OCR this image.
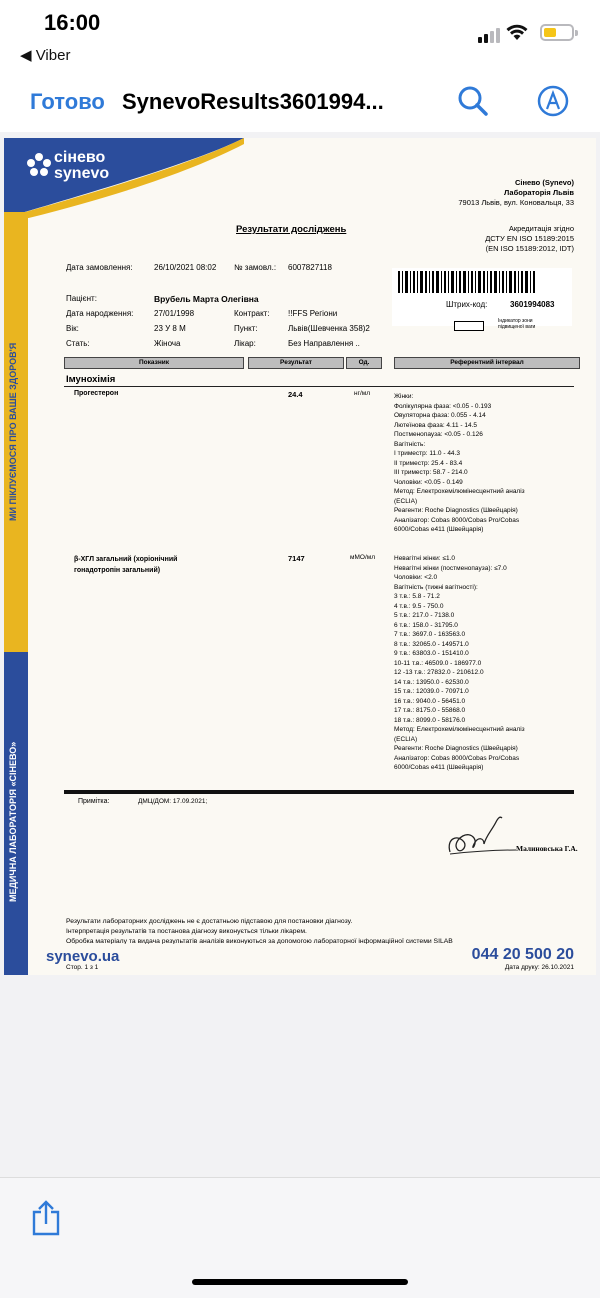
16:00
◀ Viber
Готово SynevoResults3601994...
сінево
synevo
МИ ПІКЛУЄМОСЯ ПРО ВАШЕ ЗДОРОВ'Я
МЕДИЧНА ЛАБОРАТОРІЯ «СІНЕВО»
Сінево (Synevo)
Лабораторія Львів
79013 Львів, вул. Коновальця, 33
Результати досліджень	Акредитація згідно
ДСТУ EN ISO 15189:2015
(EN ISO 15189:2012, IDT)
Дата замовлення:	26/10/2021 08:02 № замовл.: 6007827118
Штрих-код:	3601994083
Індикатор зони
підвищеної ваги
Пацієнт:	Врубель Марта Олегівна
Дата народження:	27/01/1998	Контракт: !!FFS Регіони
Вік:	23 У 8 М	Пункт:	Львів(Шевченка 358)2
Стать:	Жіноча	Лікар:	Без Направлення ..
Показник	Результат	Од.	Референтний інтервал
Імунохімія
Прогестерон	24.4	нг/мл	Жінки:
Фолікулярна фаза: <0.05 - 0.193
Овуляторна фаза: 0.055 - 4.14
Лютеїнова фаза: 4.11 - 14.5
Постменопауза: <0.05 - 0.126
Вагітність:
I триместр: 11.0 - 44.3
II триместр: 25.4 - 83.4
III триместр: 58.7 - 214.0
Чоловіки: <0.05 - 0.149
Метод: Електрохемілюмінесцентний аналіз
(ECLIA)
Реагенти: Roche Diagnostics (Швейцарія)
Аналізатор: Cobas 8000/Cobas Pro/Cobas
6000/Cobas e411 (Швейцарія)
β-ХГЛ загальний (хоріонічний
гонадотропін загальний)
7147	мМО/мл	Невагітні жінки: ≤1.0
Невагітні жінки (постменопауза): ≤7.0
Чоловіки: <2.0
Вагітність (тижні вагітності):
3 т.в.: 5.8 - 71.2
4 т.в.: 9.5 - 750.0
5 т.в.: 217.0 - 7138.0
6 т.в.: 158.0 - 31795.0
7 т.в.: 3697.0 - 163563.0
8 т.в.: 32065.0 - 149571.0
9 т.в.: 63803.0 - 151410.0
10-11 т.в.: 46509.0 - 186977.0
12 -13 т.в.: 27832.0 - 210612.0
14 т.в.: 13950.0 - 62530.0
15 т.в.: 12039.0 - 70971.0
16 т.в.: 9040.0 - 56451.0
17 т.в.: 8175.0 - 55868.0
18 т.в.: 8099.0 - 58176.0
Метод: Електрохемілюмінесцентний аналіз
(ECLIA)
Реагенти: Roche Diagnostics (Швейцарія)
Аналізатор: Cobas 8000/Cobas Pro/Cobas
6000/Cobas e411 (Швейцарія)
Примітка:	ДМЦ/ДОМ: 17.09.2021;
Малиновська Г.А.
Результати лабораторних досліджень не є достатньою підставою для постановки діагнозу.
Інтерпретація результатів та постанова діагнозу виконується тільки лікарем.
Обробка матеріалу та видача результатів аналізів виконуються за допомогою лабораторної інформаційної системи SILAB
synevo.ua
Стор. 1 з 1
044 20 500 20
Дата друку: 26.10.2021
